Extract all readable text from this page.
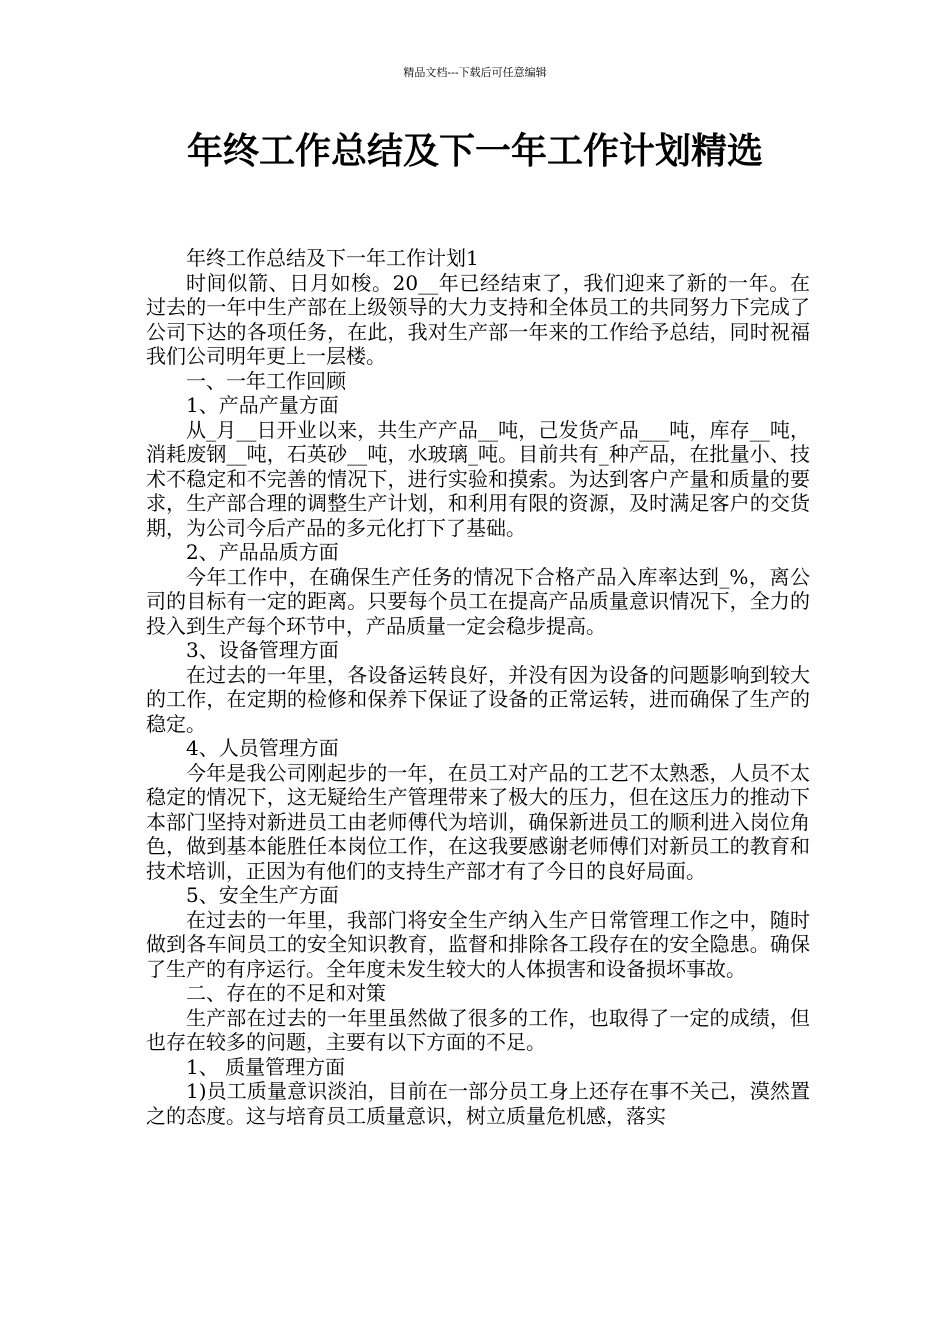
精品文档---下载后可任意编辑
年终工作总结及下一年工作计划精选

年终工作总结及下一年工作计划1

时间似箭、日月如梭。20__年已经结束了，我们迎来了新的一年。在过去的一年中生产部在上级领导的大力支持和全体员工的共同努力下完成了公司下达的各项任务，在此，我对生产部一年来的工作给予总结，同时祝福我们公司明年更上一层楼。

一、一年工作回顾

1、产品产量方面

从_月__日开业以来，共生产产品__吨，己发货产品___吨，库存__吨，消耗废钢__吨，石英砂__吨，水玻璃_吨。目前共有_种产品，在批量小、技术不稳定和不完善的情况下，进行实验和摸索。为达到客户产量和质量的要求，生产部合理的调整生产计划，和利用有限的资源，及时满足客户的交货期，为公司今后产品的多元化打下了基础。

2、产品品质方面

今年工作中，在确保生产任务的情况下合格产品入库率达到_%，离公司的目标有一定的距离。只要每个员工在提高产品质量意识情况下，全力的投入到生产每个环节中，产品质量一定会稳步提高。

3、设备管理方面

在过去的一年里，各设备运转良好，并没有因为设备的问题影响到较大的工作，在定期的检修和保养下保证了设备的正常运转，进而确保了生产的稳定。

4、人员管理方面

今年是我公司刚起步的一年，在员工对产品的工艺不太熟悉，人员不太稳定的情况下，这无疑给生产管理带来了极大的压力，但在这压力的推动下本部门坚持对新进员工由老师傅代为培训，确保新进员工的顺利进入岗位角色，做到基本能胜任本岗位工作，在这我要感谢老师傅们对新员工的教育和技术培训，正因为有他们的支持生产部才有了今日的良好局面。

5、安全生产方面

在过去的一年里，我部门将安全生产纳入生产日常管理工作之中，随时做到各车间员工的安全知识教育，监督和排除各工段存在的安全隐患。确保了生产的有序运行。全年度未发生较大的人体损害和设备损坏事故。

二、存在的不足和对策

生产部在过去的一年里虽然做了很多的工作，也取得了一定的成绩，但也存在较多的问题，主要有以下方面的不足。

1、 质量管理方面

1)员工质量意识淡泊，目前在一部分员工身上还存在事不关己，漠然置之的态度。这与培育员工质量意识，树立质量危机感，落实
